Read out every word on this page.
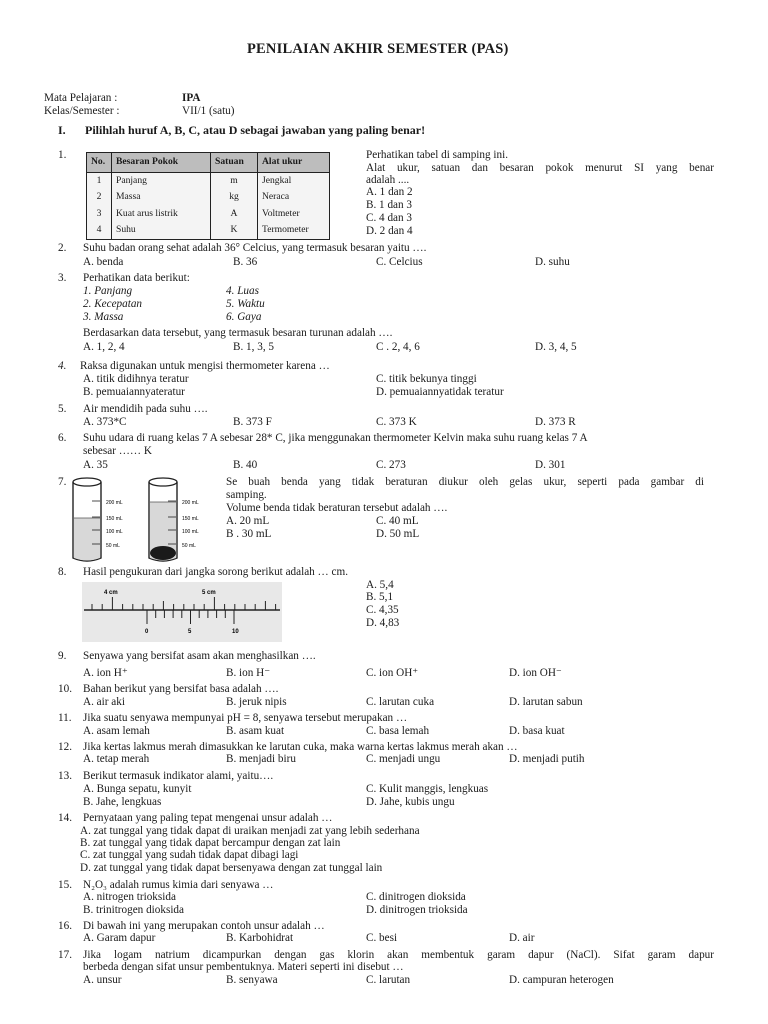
PENILAIAN AKHIR SEMESTER (PAS)
Mata Pelajaran :	IPA
Kelas/Semester :	VII/1 (satu)
I. Pilihlah huruf A, B, C, atau D sebagai jawaban yang paling benar!
1.
No.	Besaran Pokok	Satuan	Alat ukur
1	Panjang	m	Jengkal
2	Massa	kg	Neraca
3	Kuat arus listrik	A	Voltmeter
4	Suhu	K	Termometer
Perhatikan tabel di samping ini.
Alat ukur, satuan dan besaran pokok menurut SI yang benar
adalah ....
A. 1 dan 2
B. 1 dan 3
C. 4 dan 3
D. 2 dan 4
2. Suhu badan orang sehat adalah 36° Celcius, yang termasuk besaran yaitu ….
A. benda	B. 36	C. Celcius	D. suhu
3. Perhatikan data berikut:
1. Panjang
2. Kecepatan
3. Massa
4. Luas
5. Waktu
6. Gaya
Berdasarkan data tersebut, yang termasuk besaran turunan adalah ….
A. 1, 2, 4	B. 1, 3, 5	C . 2, 4, 6	D. 3, 4, 5
4. Raksa digunakan untuk mengisi thermometer karena …
A. titik didihnya teratur	C. titik bekunya tinggi
B. pemuaiannyateratur	D. pemuaiannyatidak teratur
5. Air mendidih pada suhu ….
A. 373*C	B. 373 F	C. 373 K	D. 373 R
6. Suhu udara di ruang kelas 7 A sebesar 28* C, jika menggunakan thermometer Kelvin maka suhu ruang kelas 7 A
sebesar …… K
A. 35	B. 40	C. 273	D. 301
7.
200 mL
150 mL
100 mL
50 mL
200 mL
150 mL
100 mL
50 mL
Se buah benda yang tidak beraturan diukur oleh gelas ukur, seperti pada gambar di
samping.
Volume benda tidak beraturan tersebut adalah ….
A. 20 mL	C. 40 mL
B . 30 mL	D. 50 mL
8. Hasil pengukuran dari jangka sorong berikut adalah … cm.
4 cm	5 cm
0	5	10
A. 5,4
B. 5,1
C. 4,35
D. 4,83
9. Senyawa yang bersifat asam akan menghasilkan ….
A. ion H⁺	B. ion H⁻	C. ion OH⁺	D. ion OH⁻
10. Bahan berikut yang bersifat basa adalah ….
A. air aki	B. jeruk nipis	C. larutan cuka	D. larutan sabun
11. Jika suatu senyawa mempunyai pH = 8, senyawa tersebut merupakan …
A. asam lemah	B. asam kuat	C. basa lemah	D. basa kuat
12. Jika kertas lakmus merah dimasukkan ke larutan cuka, maka warna kertas lakmus merah akan …
A. tetap merah	B. menjadi biru	C. menjadi ungu	D. menjadi putih
13. Berikut termasuk indikator alami, yaitu….
A. Bunga sepatu, kunyit	C. Kulit manggis, lengkuas
B. Jahe, lengkuas	D. Jahe, kubis ungu
14. Pernyataan yang paling tepat mengenai unsur adalah …
A. zat tunggal yang tidak dapat di uraikan menjadi zat yang lebih sederhana
B. zat tunggal yang tidak dapat bercampur dengan zat lain
C. zat tunggal yang sudah tidak dapat dibagi lagi
D. zat tunggal yang tidak dapat bersenyawa dengan zat tunggal lain
15. N₂O₃ adalah rumus kimia dari senyawa …
A. nitrogen trioksida	C. dinitrogen dioksida
B. trinitrogen dioksida	D. dinitrogen trioksida
16. Di bawah ini yang merupakan contoh unsur adalah …
A. Garam dapur	B. Karbohidrat	C. besi	D. air
17. Jika logam natrium dicampurkan dengan gas klorin akan membentuk garam dapur (NaCl). Sifat garam dapur
berbeda dengan sifat unsur pembentuknya. Materi seperti ini disebut …
A. unsur	B. senyawa	C. larutan	D. campuran heterogen
